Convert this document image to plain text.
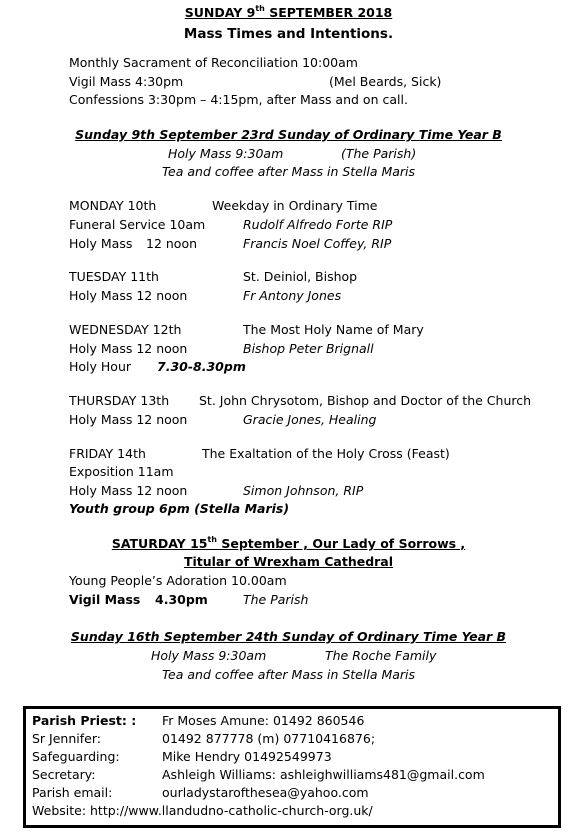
SUNDAY 9th SEPTEMBER 2018
Mass Times and Intentions.
Monthly Sacrament of Reconciliation 10:00am
Vigil Mass 4:30pm	(Mel Beards, Sick)
Confessions 3:30pm – 4:15pm, after Mass and on call.
Sunday 9th September 23rd Sunday of Ordinary Time Year B
Holy Mass 9:30am	(The Parish)
Tea and coffee after Mass in Stella Maris
MONDAY 10th	Weekday in Ordinary Time
Funeral Service 10am	Rudolf Alfredo Forte RIP
Holy Mass 12 noon	Francis Noel Coffey, RIP
TUESDAY 11th	St. Deiniol, Bishop
Holy Mass 12 noon	Fr Antony Jones
WEDNESDAY 12th	The Most Holy Name of Mary
Holy Mass 12 noon	Bishop Peter Brignall
Holy Hour 7.30-8.30pm
THURSDAY 13th St. John Chrysotom, Bishop and Doctor of the Church
Holy Mass 12 noon	Gracie Jones, Healing
FRIDAY 14th	The Exaltation of the Holy Cross (Feast)
Exposition 11am
Holy Mass 12 noon	Simon Johnson, RIP
Youth group 6pm (Stella Maris)
SATURDAY 15th September , Our Lady of Sorrows ,
Titular of Wrexham Cathedral
Young People’s Adoration 10.00am
Vigil Mass 4.30pm	The Parish
Sunday 16th September 24th Sunday of Ordinary Time Year B
Holy Mass 9:30am	The Roche Family
Tea and coffee after Mass in Stella Maris
Parish Priest: : Fr Moses Amune: 01492 860546
Sr Jennifer:	01492 877778 (m) 07710416876;
Safeguarding:	Mike Hendry 01492549973
Secretary:	Ashleigh Williams: ashleighwilliams481@gmail.com
Parish email:	ourladystarofthesea@yahoo.com
Website: http://www.llandudno-catholic-church-org.uk/
